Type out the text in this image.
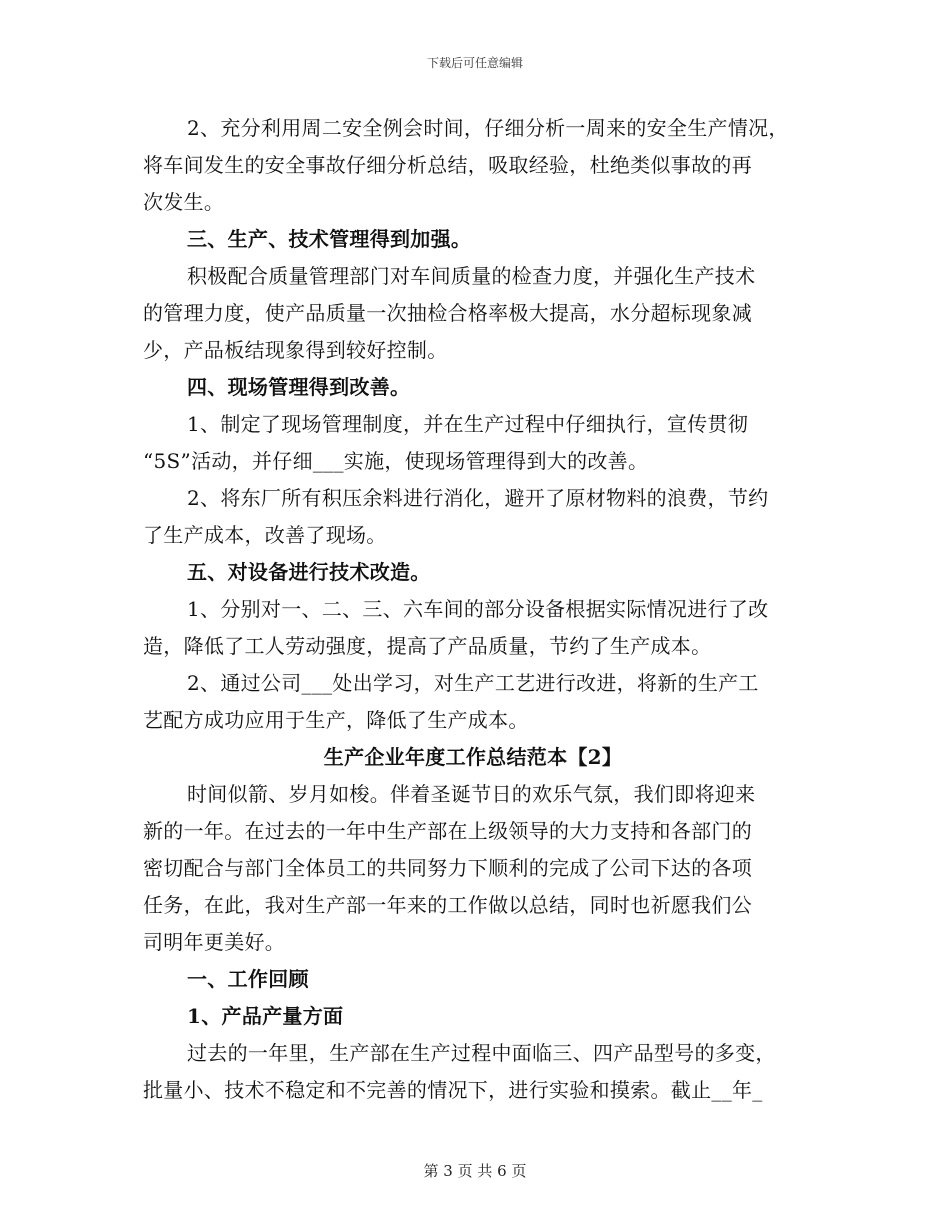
下载后可任意编辑
2、充分利用周二安全例会时间，仔细分析一周来的安全生产情况，
将车间发生的安全事故仔细分析总结，吸取经验，杜绝类似事故的再
次发生。
三、生产、技术管理得到加强。
积极配合质量管理部门对车间质量的检查力度，并强化生产技术
的管理力度，使产品质量一次抽检合格率极大提高，水分超标现象减
少，产品板结现象得到较好控制。
四、现场管理得到改善。
1、制定了现场管理制度，并在生产过程中仔细执行，宣传贯彻
“5S”活动，并仔细___实施，使现场管理得到大的改善。
2、将东厂所有积压余料进行消化，避开了原材物料的浪费，节约
了生产成本，改善了现场。
五、对设备进行技术改造。
1、分别对一、二、三、六车间的部分设备根据实际情况进行了改
造，降低了工人劳动强度，提高了产品质量，节约了生产成本。
2、通过公司___处出学习，对生产工艺进行改进，将新的生产工
艺配方成功应用于生产，降低了生产成本。
生产企业年度工作总结范本【2】
时间似箭、岁月如梭。伴着圣诞节日的欢乐气氛，我们即将迎来
新的一年。在过去的一年中生产部在上级领导的大力支持和各部门的
密切配合与部门全体员工的共同努力下顺利的完成了公司下达的各项
任务，在此，我对生产部一年来的工作做以总结，同时也祈愿我们公
司明年更美好。
一、工作回顾
1、产品产量方面
过去的一年里，生产部在生产过程中面临三、四产品型号的多变，
批量小、技术不稳定和不完善的情况下，进行实验和摸索。截止__年_
第 3 页 共 6 页
